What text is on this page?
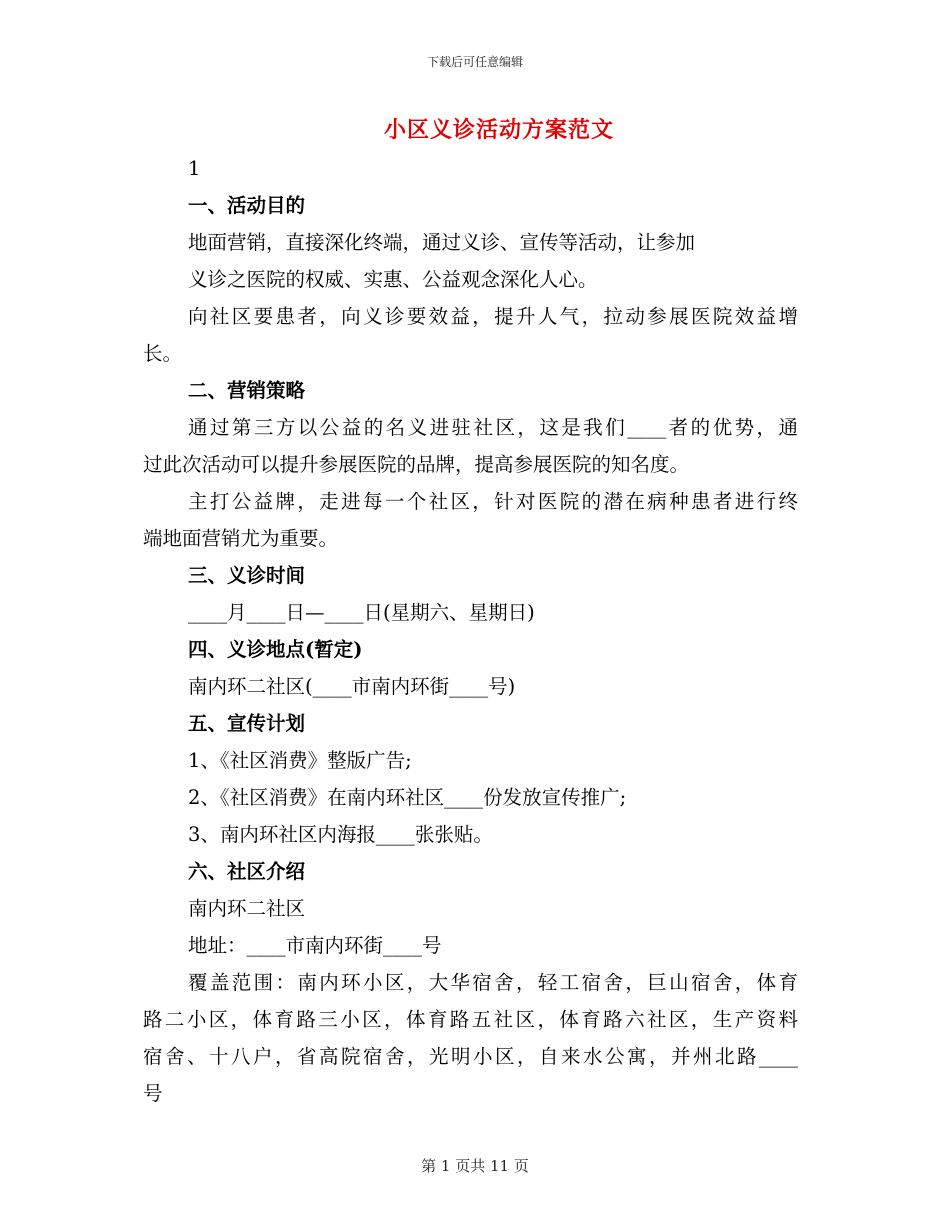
下载后可任意编辑
小区义诊活动方案范文
1
一、活动目的
地面营销，直接深化终端，通过义诊、宣传等活动，让参加
义诊之医院的权威、实惠、公益观念深化人心。
向社区要患者，向义诊要效益，提升人气，拉动参展医院效益增
长。
二、营销策略
通过第三方以公益的名义进驻社区，这是我们____者的优势，通
过此次活动可以提升参展医院的品牌，提高参展医院的知名度。
主打公益牌，走进每一个社区，针对医院的潜在病种患者进行终
端地面营销尤为重要。
三、义诊时间
____月____日—____日(星期六、星期日)
四、义诊地点(暂定)
南内环二社区(____市南内环街____号)
五、宣传计划
1、《社区消费》整版广告;
2、《社区消费》在南内环社区____份发放宣传推广;
3、南内环社区内海报____张张贴。
六、社区介绍
南内环二社区
地址：____市南内环街____号
覆盖范围：南内环小区，大华宿舍，轻工宿舍，巨山宿舍，体育
路二小区，体育路三小区，体育路五社区，体育路六社区，生产资料
宿舍、十八户，省高院宿舍，光明小区，自来水公寓，并州北路____
号
第 1 页共 11 页
